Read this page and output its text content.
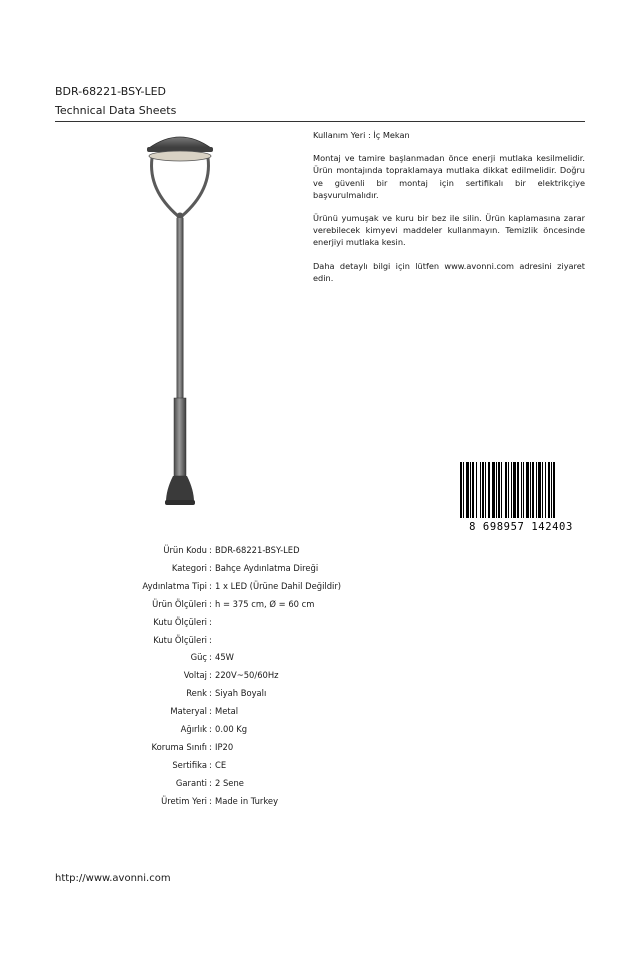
BDR-68221-BSY-LED
Technical Data Sheets

Kullanım Yeri : İç Mekan

Montaj ve tamire başlanmadan önce enerji mutlaka kesilmelidir. Ürün montajında topraklamaya mutlaka dikkat edilmelidir. Doğru ve güvenli bir montaj için sertifikalı bir elektrikçiye başvurulmalıdır.

Ürünü yumuşak ve kuru bir bez ile silin. Ürün kaplamasına zarar verebilecek kimyevi maddeler kullanmayın. Temizlik öncesinde enerjiyi mutlaka kesin.

Daha detaylı bilgi için lütfen www.avonni.com adresini ziyaret edin.

8 698957 142403
Ürün Kodu : BDR-68221-BSY-LED
Kategori : Bahçe Aydınlatma Direği
Aydınlatma Tipi : 1 x LED (Ürüne Dahil Değildir)
Ürün Ölçüleri : h = 375 cm, Ø = 60 cm
Kutu Ölçüleri :
Kutu Ölçüleri :
Güç : 45W
Voltaj : 220V~50/60Hz
Renk : Siyah Boyalı
Materyal : Metal
Ağırlık : 0.00 Kg
Koruma Sınıfı : IP20
Sertifika : CE
Garanti : 2 Sene
Üretim Yeri : Made in Turkey
http://www.avonni.com
